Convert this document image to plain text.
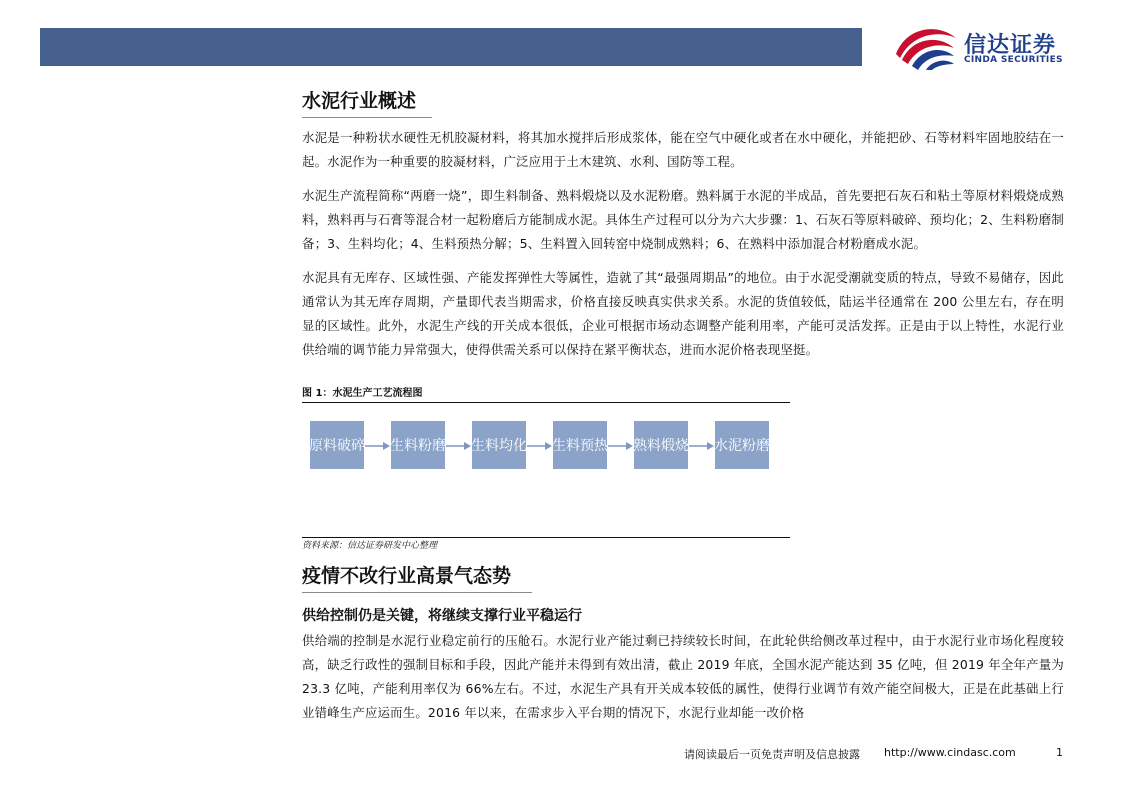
信达证券
CINDA SECURITIES
水泥行业概述

水泥是一种粉状水硬性无机胶凝材料，将其加水搅拌后形成浆体，能在空气中硬化或者在水中硬化，并能把砂、石等材料牢固地胶结在一起。水泥作为一种重要的胶凝材料，广泛应用于土木建筑、水利、国防等工程。

水泥生产流程简称“两磨一烧”，即生料制备、熟料煅烧以及水泥粉磨。熟料属于水泥的半成品，首先要把石灰石和粘土等原材料煅烧成熟料，熟料再与石膏等混合材一起粉磨后方能制成水泥。具体生产过程可以分为六大步骤：1、石灰石等原料破碎、预均化；2、生料粉磨制备；3、生料均化；4、生料预热分解；5、生料置入回转窑中烧制成熟料；6、在熟料中添加混合材粉磨成水泥。

水泥具有无库存、区域性强、产能发挥弹性大等属性，造就了其“最强周期品”的地位。由于水泥受潮就变质的特点，导致不易储存，因此通常认为其无库存周期，产量即代表当期需求，价格直接反映真实供求关系。水泥的货值较低，陆运半径通常在 200 公里左右，存在明显的区域性。此外，水泥生产线的开关成本很低，企业可根据市场动态调整产能利用率，产能可灵活发挥。正是由于以上特性，水泥行业供给端的调节能力异常强大，使得供需关系可以保持在紧平衡状态，进而水泥价格表现坚挺。

图 1：水泥生产工艺流程图

原料破碎 生料粉磨 生料均化 生料预热 熟料煅烧 水泥粉磨

资料来源：信达证券研发中心整理

疫情不改行业高景气态势

供给控制仍是关键，将继续支撑行业平稳运行

供给端的控制是水泥行业稳定前行的压舱石。水泥行业产能过剩已持续较长时间，在此轮供给侧改革过程中，由于水泥行业市场化程度较高，缺乏行政性的强制目标和手段，因此产能并未得到有效出清，截止 2019 年底，全国水泥产能达到 35 亿吨，但 2019 年全年产量为 23.3 亿吨，产能利用率仅为 66%左右。不过，水泥生产具有开关成本较低的属性，使得行业调节有效产能空间极大，正是在此基础上行业错峰生产应运而生。2016 年以来，在需求步入平台期的情况下，水泥行业却能一改价格

请阅读最后一页免责声明及信息披露 http://www.cindasc.com	1
